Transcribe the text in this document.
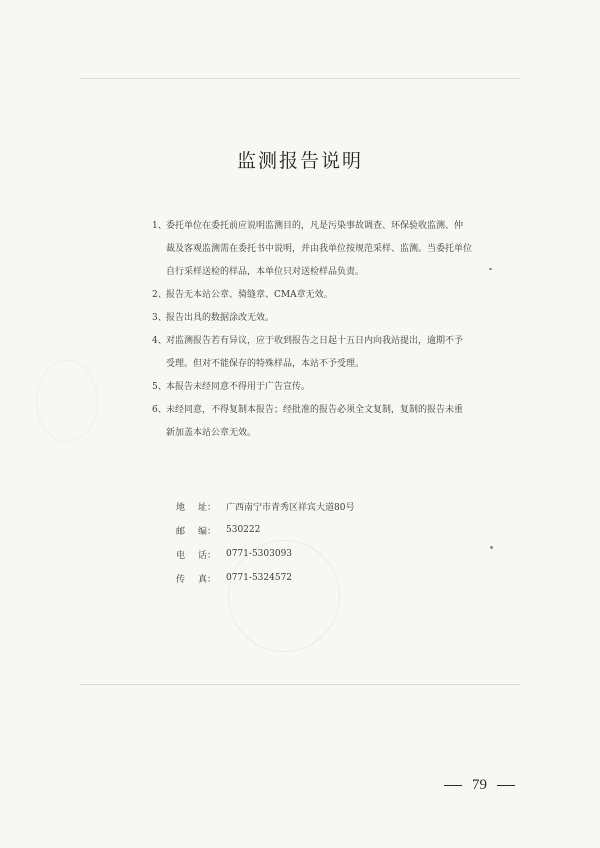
监测报告说明

1、委托单位在委托前应说明监测目的，凡是污染事故调查、环保验收监测、仲
裁及客观监测需在委托书中说明，并由我单位按规范采样、监测。当委托单位
自行采样送检的样品，本单位只对送检样品负责。

2、报告无本站公章、骑缝章、CMA章无效。

3、报告出具的数据涂改无效。

4、对监测报告若有异议，应于收到报告之日起十五日内向我站提出，逾期不予
受理。但对不能保存的特殊样品，本站不予受理。

5、本报告未经同意不得用于广告宣传。

6、未经同意，不得复制本报告；经批准的报告必须全文复制，复制的报告未重
新加盖本站公章无效。

地 址： 广西南宁市青秀区祥宾大道80号
邮 编： 530222
电 话： 0771-5303093
传 真： 0771-5324572
79
